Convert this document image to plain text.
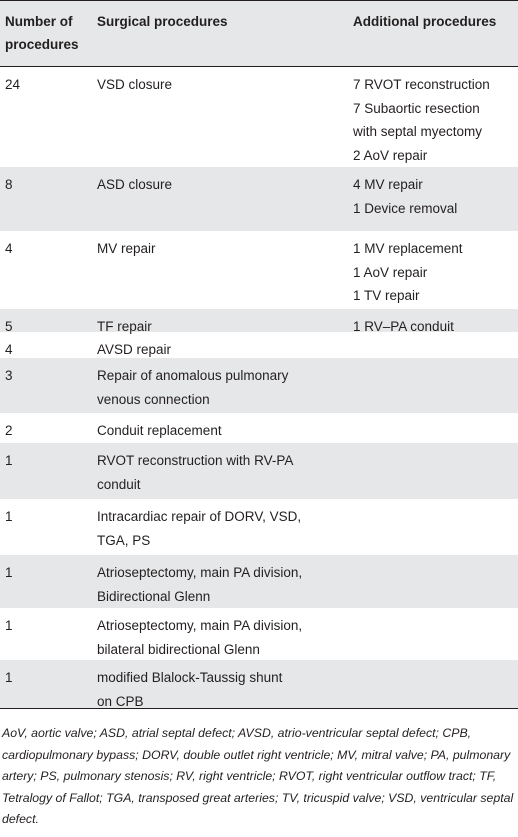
Number of
procedures
Surgical procedures	Additional procedures
24	VSD closure	7 RVOT reconstruction
7 Subaortic resection
with septal myectomy
2 AoV repair
8	ASD closure	4 MV repair
1 Device removal
4	MV repair	1 MV replacement
1 AoV repair
1 TV repair
5	TF repair	1 RV–PA conduit
4	AVSD repair
3	Repair of anomalous pulmonary
venous connection
2	Conduit replacement
1	RVOT reconstruction with RV-PA
conduit
1	Intracardiac repair of DORV, VSD,
TGA, PS
1	Atrioseptectomy, main PA division,
Bidirectional Glenn
1	Atrioseptectomy, main PA division,
bilateral bidirectional Glenn
1	modified Blalock-Taussig shunt
on CPB
AoV, aortic valve; ASD, atrial septal defect; AVSD, atrio-ventricular septal defect; CPB, cardiopulmonary bypass; DORV, double outlet right ventricle; MV, mitral valve; PA, pulmonary artery; PS, pulmonary stenosis; RV, right ventricle; RVOT, right ventricular outflow tract; TF, Tetralogy of Fallot; TGA, transposed great arteries; TV, tricuspid valve; VSD, ventricular septal defect.
